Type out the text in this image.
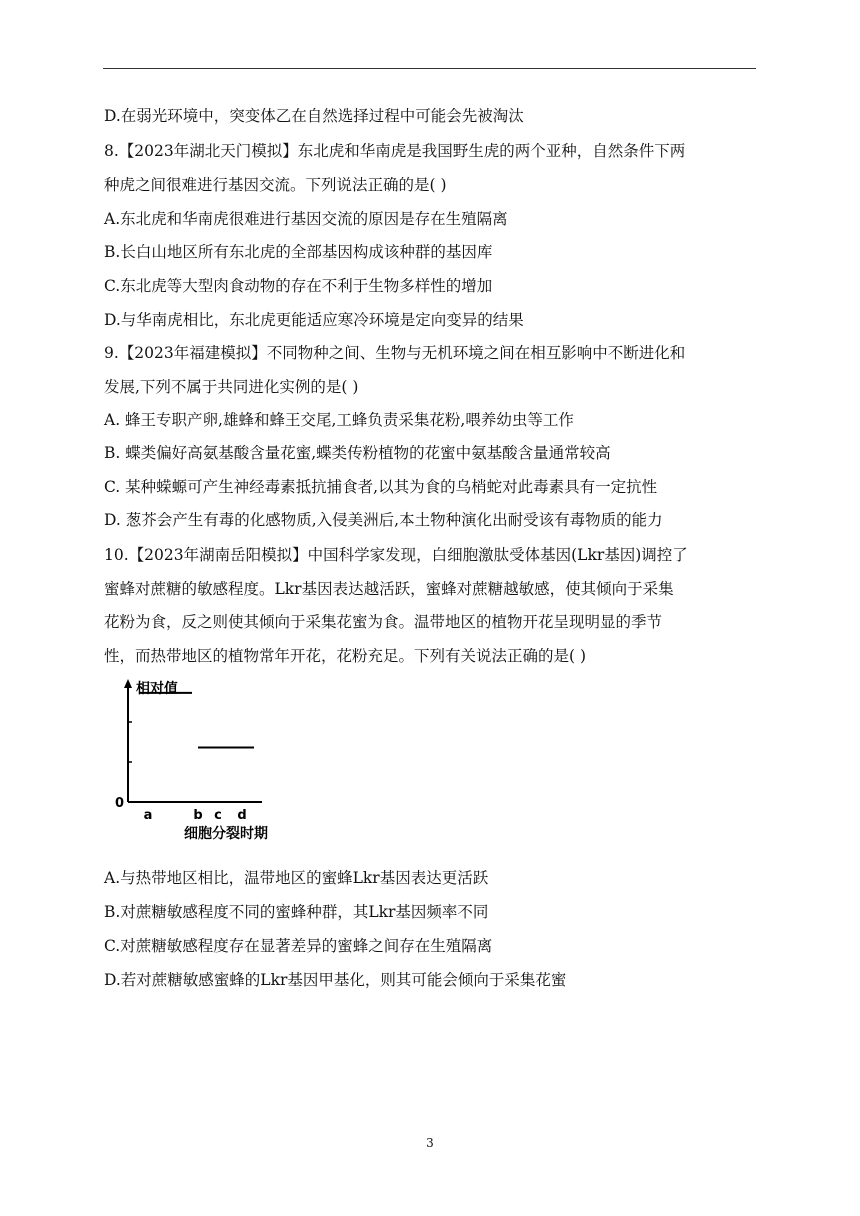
D.在弱光环境中，突变体乙在自然选择过程中可能会先被淘汰
8.【2023年湖北天门模拟】东北虎和华南虎是我国野生虎的两个亚种，自然条件下两
种虎之间很难进行基因交流。下列说法正确的是( )
A.东北虎和华南虎很难进行基因交流的原因是存在生殖隔离
B.长白山地区所有东北虎的全部基因构成该种群的基因库
C.东北虎等大型肉食动物的存在不利于生物多样性的增加
D.与华南虎相比，东北虎更能适应寒冷环境是定向变异的结果
9.【2023年福建模拟】不同物种之间、生物与无机环境之间在相互影响中不断进化和
发展,下列不属于共同进化实例的是( )
A. 蜂王专职产卵,雄蜂和蜂王交尾,工蜂负责采集花粉,喂养幼虫等工作
B. 蝶类偏好高氨基酸含量花蜜,蝶类传粉植物的花蜜中氨基酸含量通常较高
C. 某种蝾螈可产生神经毒素抵抗捕食者,以其为食的乌梢蛇对此毒素具有一定抗性
D. 葱芥会产生有毒的化感物质,入侵美洲后,本土物种演化出耐受该有毒物质的能力
10.【2023年湖南岳阳模拟】中国科学家发现，白细胞激肽受体基因(Lkr基因)调控了
蜜蜂对蔗糖的敏感程度。Lkr基因表达越活跃，蜜蜂对蔗糖越敏感，使其倾向于采集
花粉为食，反之则使其倾向于采集花蜜为食。温带地区的植物开花呈现明显的季节
性，而热带地区的植物常年开花，花粉充足。下列有关说法正确的是( )
相对值
0
a	b c d
细胞分裂时期
A.与热带地区相比，温带地区的蜜蜂Lkr基因表达更活跃
B.对蔗糖敏感程度不同的蜜蜂种群，其Lkr基因频率不同
C.对蔗糖敏感程度存在显著差异的蜜蜂之间存在生殖隔离
D.若对蔗糖敏感蜜蜂的Lkr基因甲基化，则其可能会倾向于采集花蜜
3
